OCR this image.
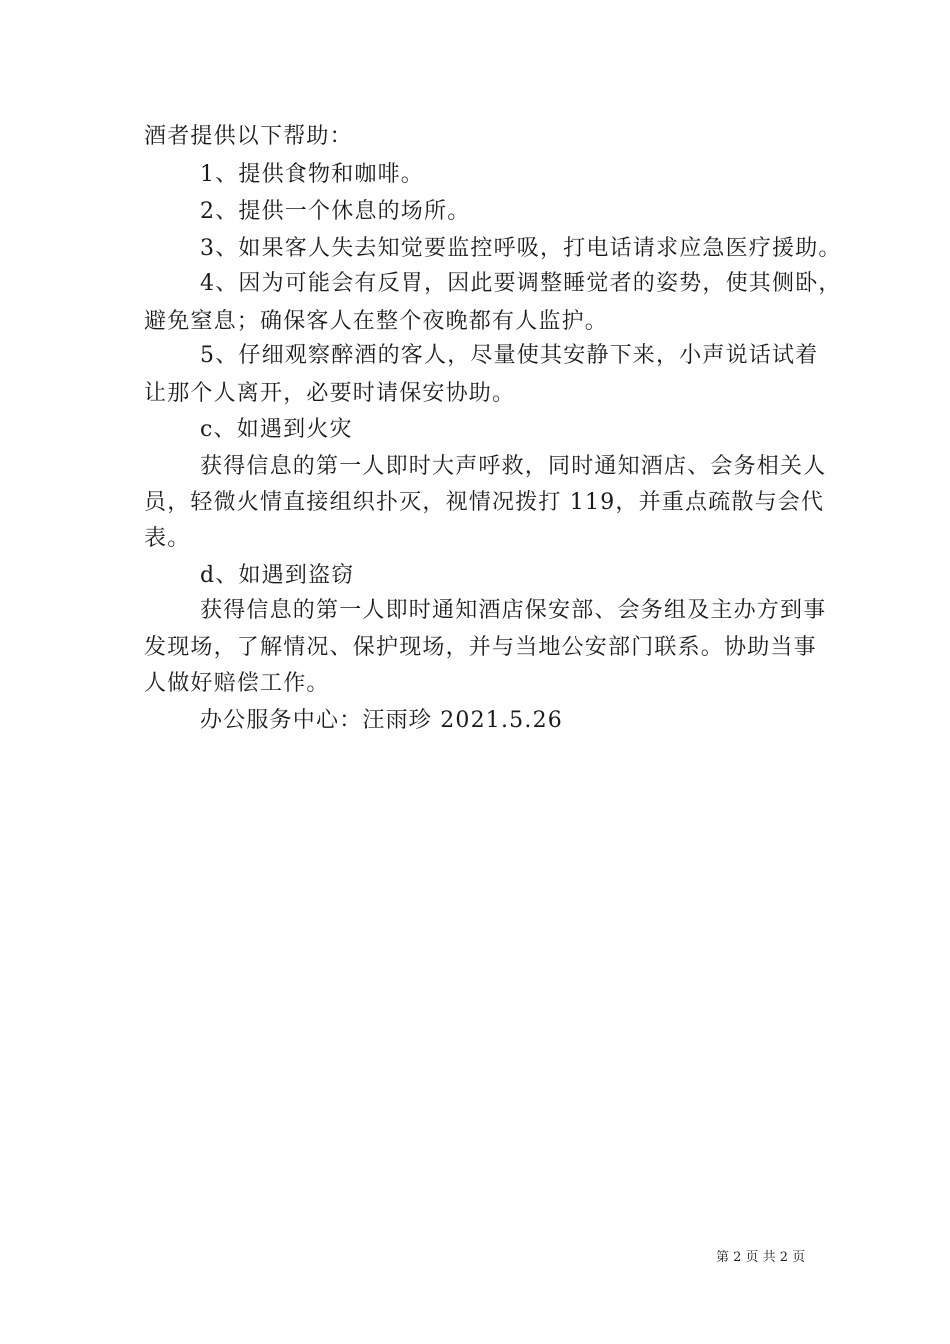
酒者提供以下帮助：
1、提供食物和咖啡。
2、提供一个休息的场所。
3、如果客人失去知觉要监控呼吸，打电话请求应急医疗援助。
4、因为可能会有反胃，因此要调整睡觉者的姿势，使其侧卧，
避免窒息；确保客人在整个夜晚都有人监护。
5、仔细观察醉酒的客人，尽量使其安静下来，小声说话试着
让那个人离开，必要时请保安协助。
c、如遇到火灾
获得信息的第一人即时大声呼救，同时通知酒店、会务相关人
员，轻微火情直接组织扑灭，视情况拨打 119，并重点疏散与会代
表。
d、如遇到盗窃
获得信息的第一人即时通知酒店保安部、会务组及主办方到事
发现场，了解情况、保护现场，并与当地公安部门联系。协助当事
人做好赔偿工作。
办公服务中心：汪雨珍 2021.5.26
第 2 页 共 2 页
